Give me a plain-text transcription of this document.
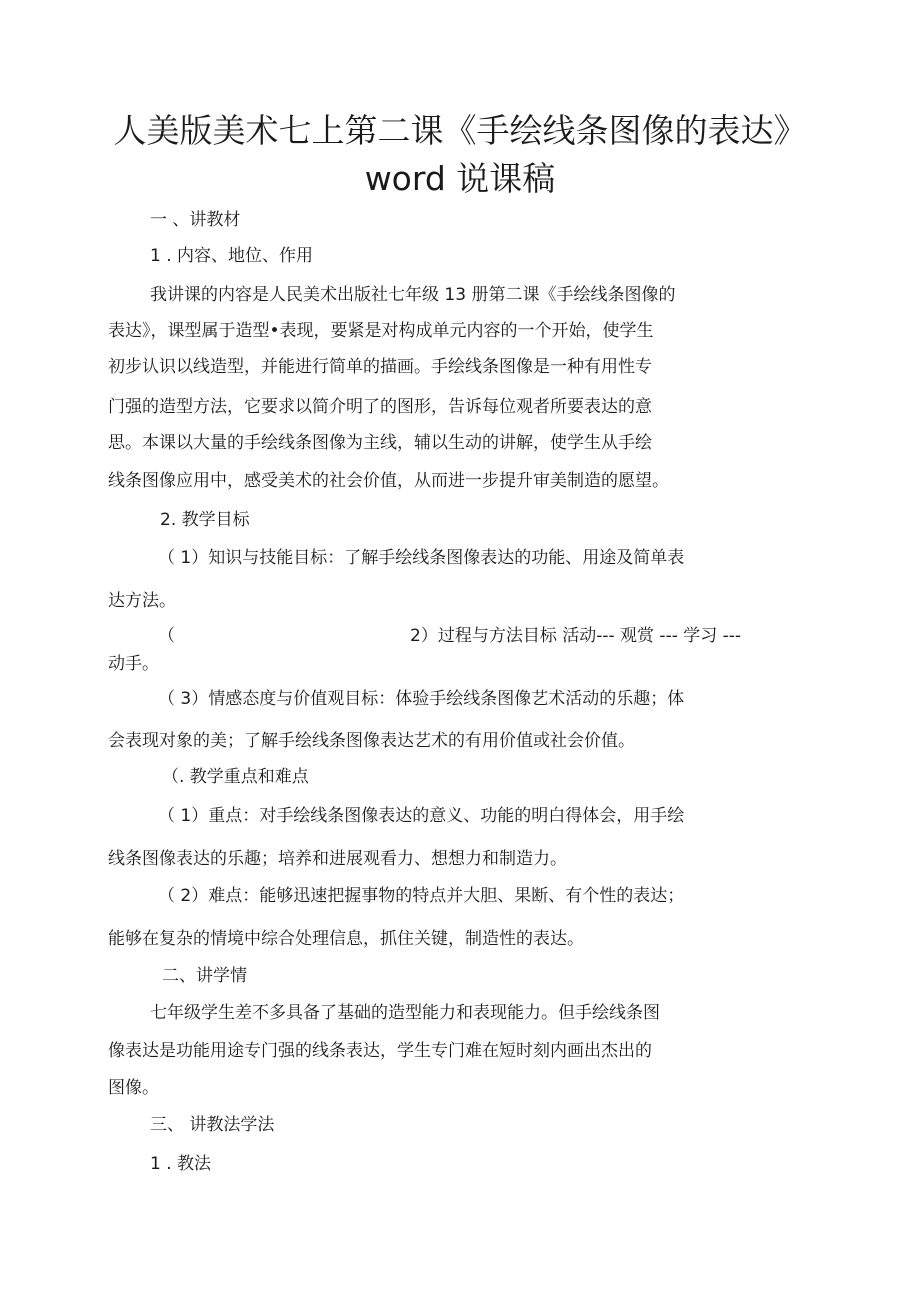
人美版美术七上第二课《手绘线条图像的表达》
word 说课稿
一 、讲教材
1 . 内容、地位、作用
我讲课的内容是人民美术出版社七年级 13 册第二课《手绘线条图像的
表达》，课型属于造型•表现，要紧是对构成单元内容的一个开始，使学生
初步认识以线造型，并能进行简单的描画。手绘线条图像是一种有用性专
门强的造型方法，它要求以简介明了的图形，告诉每位观者所要表达的意
思。本课以大量的手绘线条图像为主线，辅以生动的讲解，使学生从手绘
线条图像应用中，感受美术的社会价值，从而进一步提升审美制造的愿望。
2. 教学目标
（ 1）知识与技能目标：了解手绘线条图像表达的功能、用途及简单表
达方法。
（	2）过程与方法目标 活动--- 观赏 --- 学习 ---
动手。
（ 3）情感态度与价值观目标：体验手绘线条图像艺术活动的乐趣；体
会表现对象的美；了解手绘线条图像表达艺术的有用价值或社会价值。
（. 教学重点和难点
（ 1）重点：对手绘线条图像表达的意义、功能的明白得体会，用手绘
线条图像表达的乐趣；培养和进展观看力、想想力和制造力。
（ 2）难点：能够迅速把握事物的特点并大胆、果断、有个性的表达；
能够在复杂的情境中综合处理信息，抓住关键，制造性的表达。
二、讲学情
七年级学生差不多具备了基础的造型能力和表现能力。但手绘线条图
像表达是功能用途专门强的线条表达，学生专门难在短时刻内画出杰出的
图像。
三、 讲教法学法
1 . 教法
